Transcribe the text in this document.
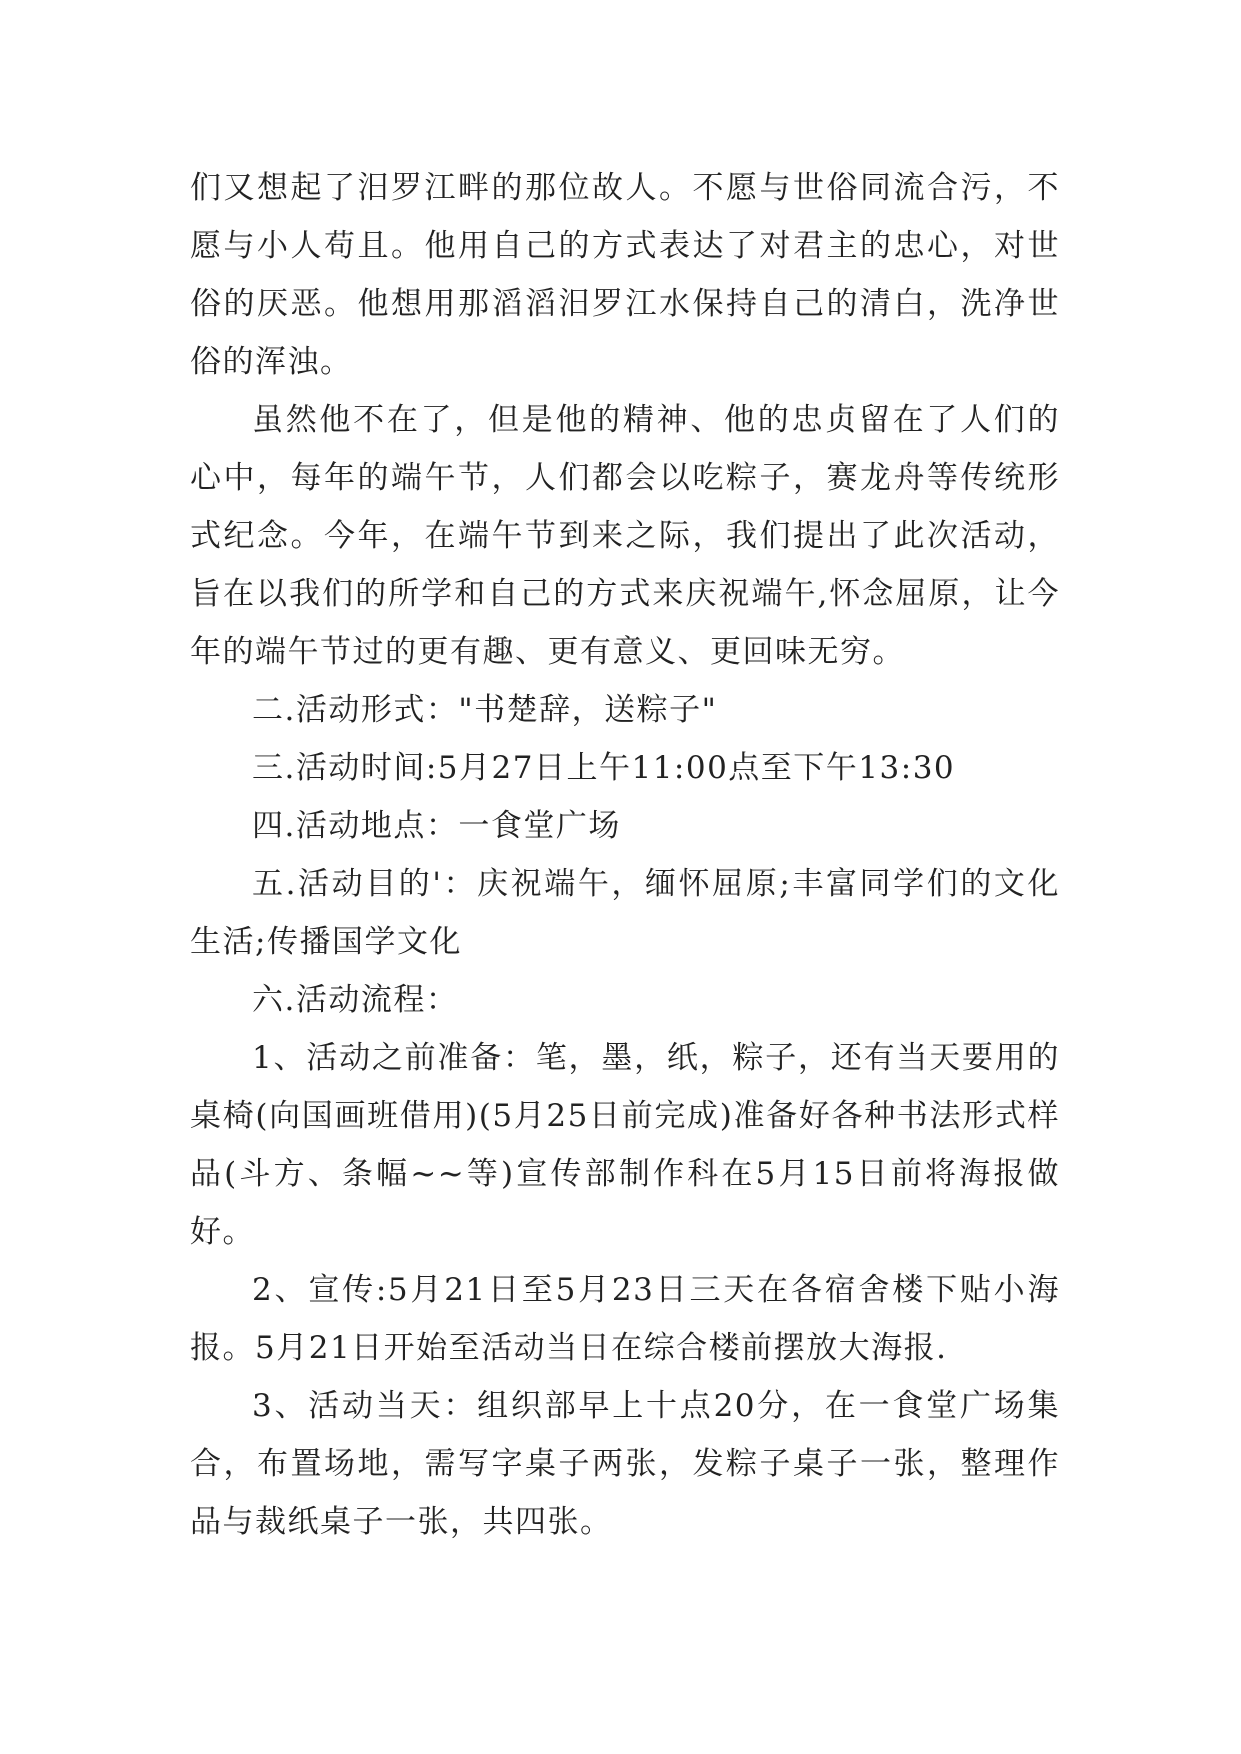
们又想起了汨罗江畔的那位故人。不愿与世俗同流合污，不愿与小人苟且。他用自己的方式表达了对君主的忠心，对世俗的厌恶。他想用那滔滔汨罗江水保持自己的清白，洗净世俗的浑浊。

虽然他不在了，但是他的精神、他的忠贞留在了人们的心中，每年的端午节，人们都会以吃粽子，赛龙舟等传统形式纪念。今年，在端午节到来之际，我们提出了此次活动，旨在以我们的所学和自己的方式来庆祝端午,怀念屈原，让今年的端午节过的更有趣、更有意义、更回味无穷。

二.活动形式："书楚辞，送粽子"

三.活动时间:5月27日上午11:00点至下午13:30

四.活动地点：一食堂广场

五.活动目的'：庆祝端午，缅怀屈原;丰富同学们的文化生活;传播国学文化

六.活动流程：

1、活动之前准备：笔，墨，纸，粽子，还有当天要用的桌椅(向国画班借用)(5月25日前完成)准备好各种书法形式样品(斗方、条幅~~等)宣传部制作科在5月15日前将海报做好。

2、宣传:5月21日至5月23日三天在各宿舍楼下贴小海报。5月21日开始至活动当日在综合楼前摆放大海报.

3、活动当天：组织部早上十点20分，在一食堂广场集合，布置场地，需写字桌子两张，发粽子桌子一张，整理作品与裁纸桌子一张，共四张。
